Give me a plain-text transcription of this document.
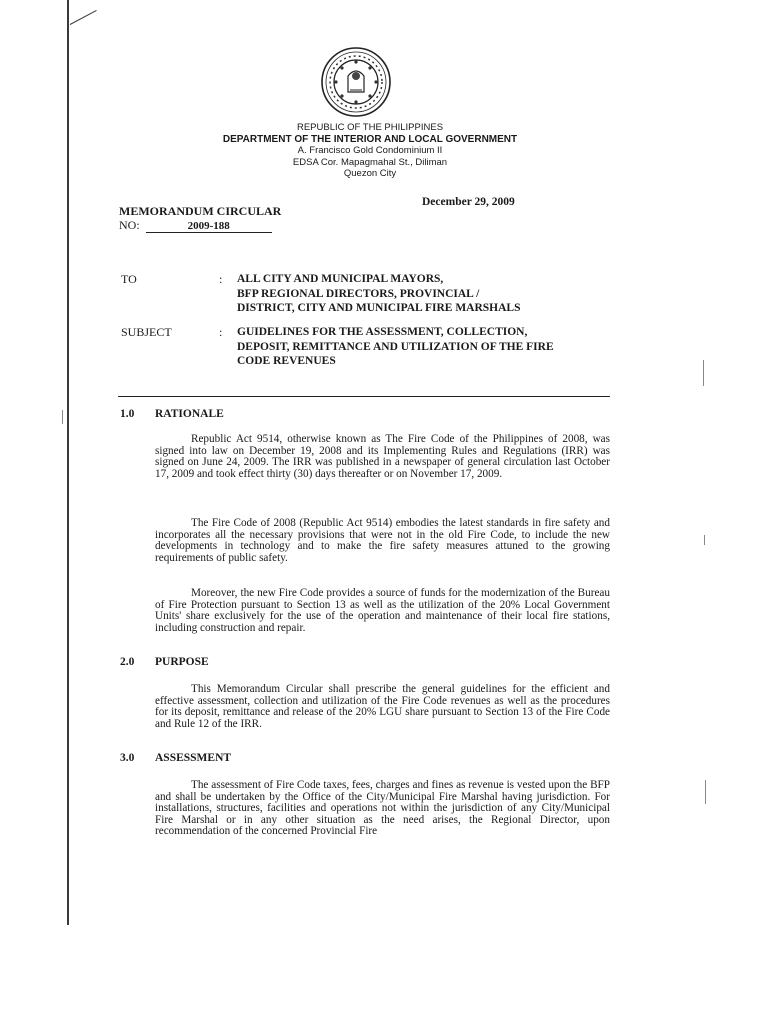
REPUBLIC OF THE PHILIPPINES
DEPARTMENT OF THE INTERIOR AND LOCAL GOVERNMENT
A. Francisco Gold Condominium II
EDSA Cor. Mapagmahal St., Diliman
Quezon City
December 29, 2009
MEMORANDUM CIRCULAR
NO:	2009-188
TO	: ALL CITY AND MUNICIPAL MAYORS,
BFP REGIONAL DIRECTORS, PROVINCIAL /
DISTRICT, CITY AND MUNICIPAL FIRE MARSHALS
SUBJECT	: GUIDELINES FOR THE ASSESSMENT, COLLECTION,
DEPOSIT, REMITTANCE AND UTILIZATION OF THE FIRE
CODE REVENUES
1.0 RATIONALE
Republic Act 9514, otherwise known as The Fire Code of the Philippines of 2008, was signed into law on December 19, 2008 and its Implementing Rules and Regulations (IRR) was signed on June 24, 2009. The IRR was published in a newspaper of general circulation last October 17, 2009 and took effect thirty (30) days thereafter or on November 17, 2009.
The Fire Code of 2008 (Republic Act 9514) embodies the latest standards in fire safety and incorporates all the necessary provisions that were not in the old Fire Code, to include the new developments in technology and to make the fire safety measures attuned to the growing requirements of public safety.
Moreover, the new Fire Code provides a source of funds for the modernization of the Bureau of Fire Protection pursuant to Section 13 as well as the utilization of the 20% Local Government Units' share exclusively for the use of the operation and maintenance of their local fire stations, including construction and repair.
2.0 PURPOSE
This Memorandum Circular shall prescribe the general guidelines for the efficient and effective assessment, collection and utilization of the Fire Code revenues as well as the procedures for its deposit, remittance and release of the 20% LGU share pursuant to Section 13 of the Fire Code and Rule 12 of the IRR.
3.0 ASSESSMENT
The assessment of Fire Code taxes, fees, charges and fines as revenue is vested upon the BFP and shall be undertaken by the Office of the City/Municipal Fire Marshal having jurisdiction. For installations, structures, facilities and operations not within the jurisdiction of any City/Municipal Fire Marshal or in any other situation as the need arises, the Regional Director, upon recommendation of the concerned Provincial Fire
